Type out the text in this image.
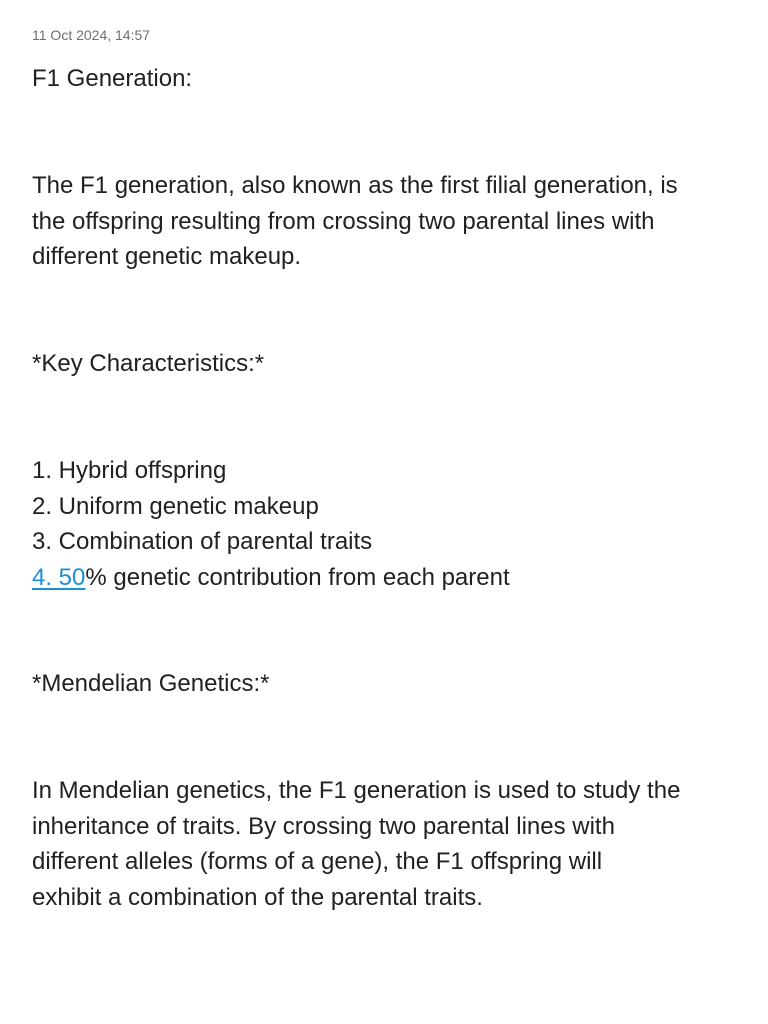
11 Oct 2024, 14:57
F1 Generation:
The F1 generation, also known as the first filial generation, is
the offspring resulting from crossing two parental lines with
different genetic makeup.
*Key Characteristics:*
1. Hybrid offspring
2. Uniform genetic makeup
3. Combination of parental traits
4. 50% genetic contribution from each parent
*Mendelian Genetics:*
In Mendelian genetics, the F1 generation is used to study the
inheritance of traits. By crossing two parental lines with
different alleles (forms of a gene), the F1 offspring will
exhibit a combination of the parental traits.
